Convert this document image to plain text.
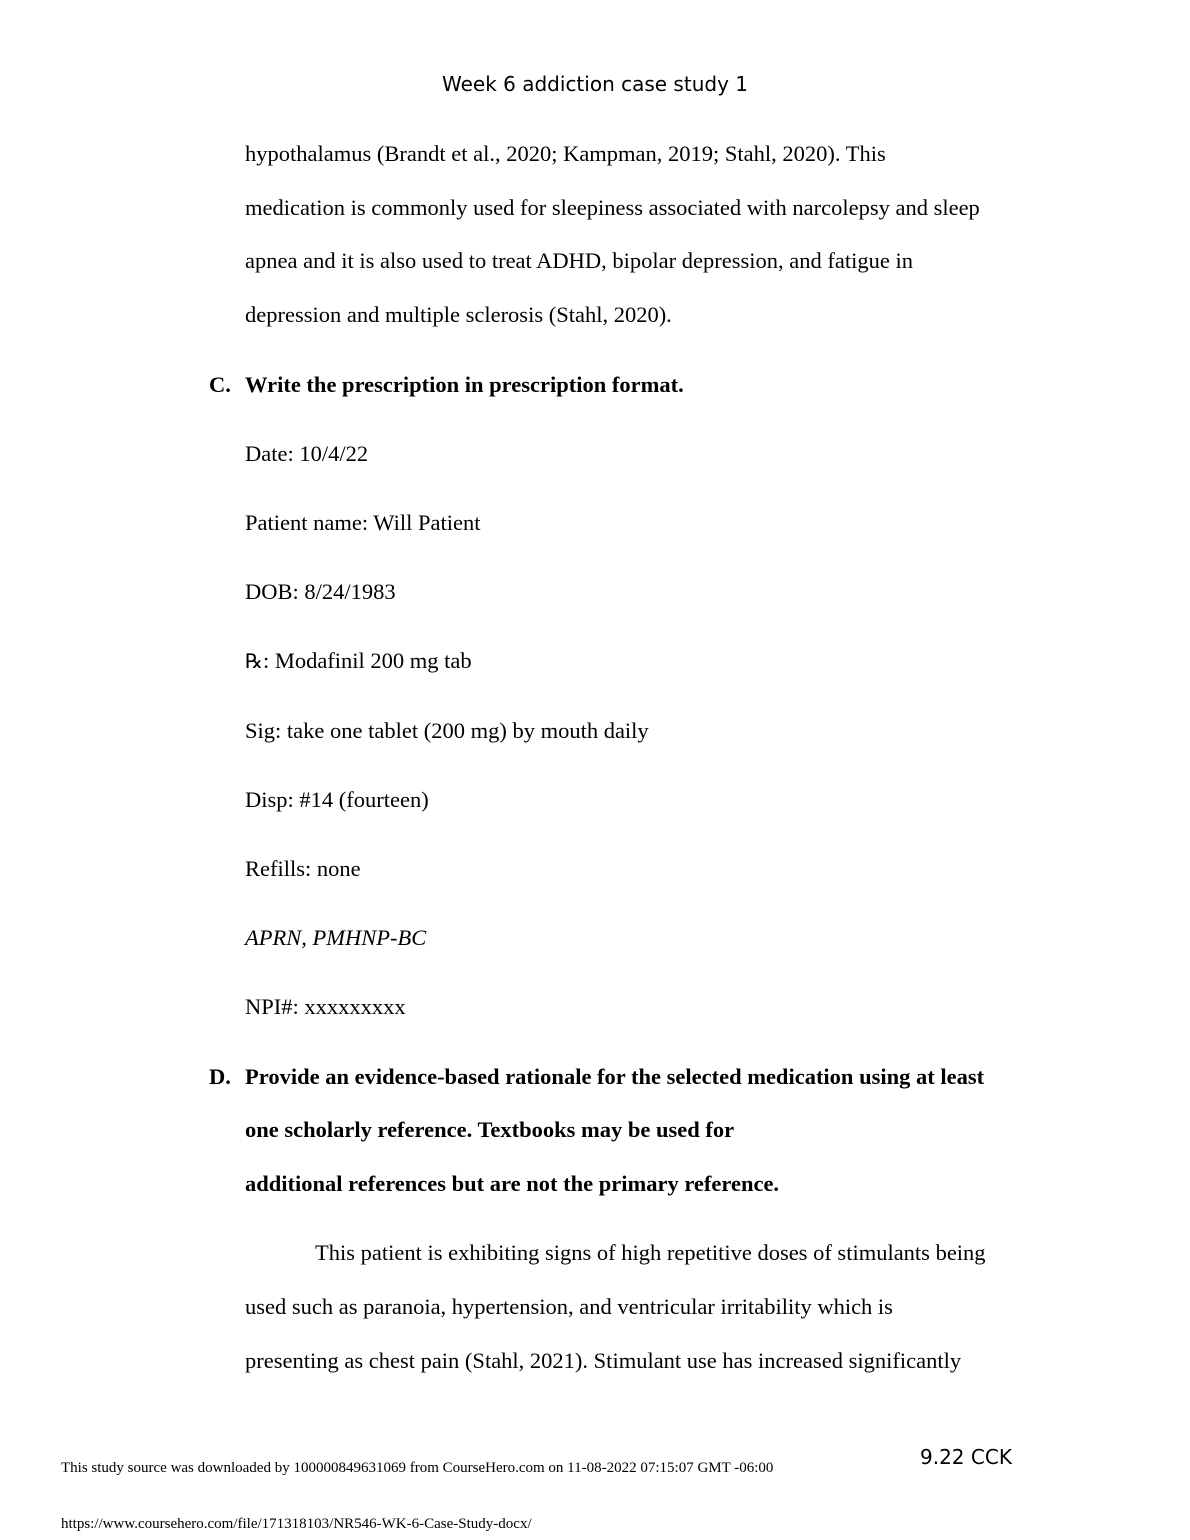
Week 6 addiction case study 1
hypothalamus (Brandt et al., 2020; Kampman, 2019; Stahl, 2020). This
medication is commonly used for sleepiness associated with narcolepsy and sleep
apnea and it is also used to treat ADHD, bipolar depression, and fatigue in
depression and multiple sclerosis (Stahl, 2020).
C. Write the prescription in prescription format.
Date: 10/4/22
Patient name: Will Patient
DOB: 8/24/1983
℞: Modafinil 200 mg tab
Sig: take one tablet (200 mg) by mouth daily
Disp: #14 (fourteen)
Refills: none
APRN, PMHNP-BC
NPI#: xxxxxxxxx
D. Provide an evidence-based rationale for the selected medication using at least
one scholarly reference. Textbooks may be used for
additional references but are not the primary reference.
This patient is exhibiting signs of high repetitive doses of stimulants being
used such as paranoia, hypertension, and ventricular irritability which is
presenting as chest pain (Stahl, 2021). Stimulant use has increased significantly
9.22 CCK
This study source was downloaded by 100000849631069 from CourseHero.com on 11-08-2022 07:15:07 GMT -06:00
https://www.coursehero.com/file/171318103/NR546-WK-6-Case-Study-docx/
